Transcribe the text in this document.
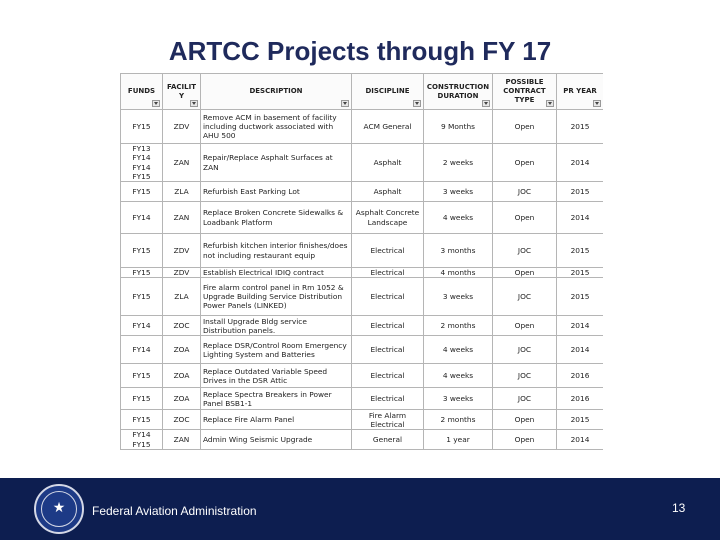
ARTCC Projects through FY 17
FUNDS	FACILITY	DESCRIPTION	DISCIPLINE	CONSTRUCTION DURATION	POSSIBLE CONTRACT TYPE	PR YEAR

FY15	ZDV	Remove ACM in basement of facility including ductwork associated with AHU 500	ACM General	9 Months	Open	2015
FY13 FY14 FY14 FY15	ZAN	Repair/Replace Asphalt Surfaces at ZAN	Asphalt	2 weeks	Open	2014
FY15	ZLA	Refurbish East Parking Lot	Asphalt	3 weeks	JOC	2015
FY14	ZAN	Replace Broken Concrete Sidewalks & Loadbank Platform	Asphalt Concrete Landscape	4 weeks	Open	2014
FY15	ZDV	Refurbish kitchen interior finishes/does not including restaurant equip	Electrical	3 months	JOC	2015
FY15	ZDV	Establish Electrical IDIQ contract	Electrical	4 months	Open	2015
FY15	ZLA	Fire alarm control panel in Rm 1052 & Upgrade Building Service Distribution Power Panels (LINKED)	Electrical	3 weeks	JOC	2015
FY14	ZOC	Install Upgrade Bldg service Distribution panels.	Electrical	2 months	Open	2014
FY14	ZOA	Replace DSR/Control Room Emergency Lighting System and Batteries	Electrical	4 weeks	JOC	2014
FY15	ZOA	Replace Outdated Variable Speed Drives in the DSR Attic	Electrical	4 weeks	JOC	2016
FY15	ZOA	Replace Spectra Breakers in Power Panel BSB1-1	Electrical	3 weeks	JOC	2016
FY15	ZOC	Replace Fire Alarm Panel	Fire Alarm Electrical	2 months	Open	2015
FY14 FY15	ZAN	Admin Wing Seismic Upgrade	General	1 year	Open	2014
★	Federal Aviation Administration	13
